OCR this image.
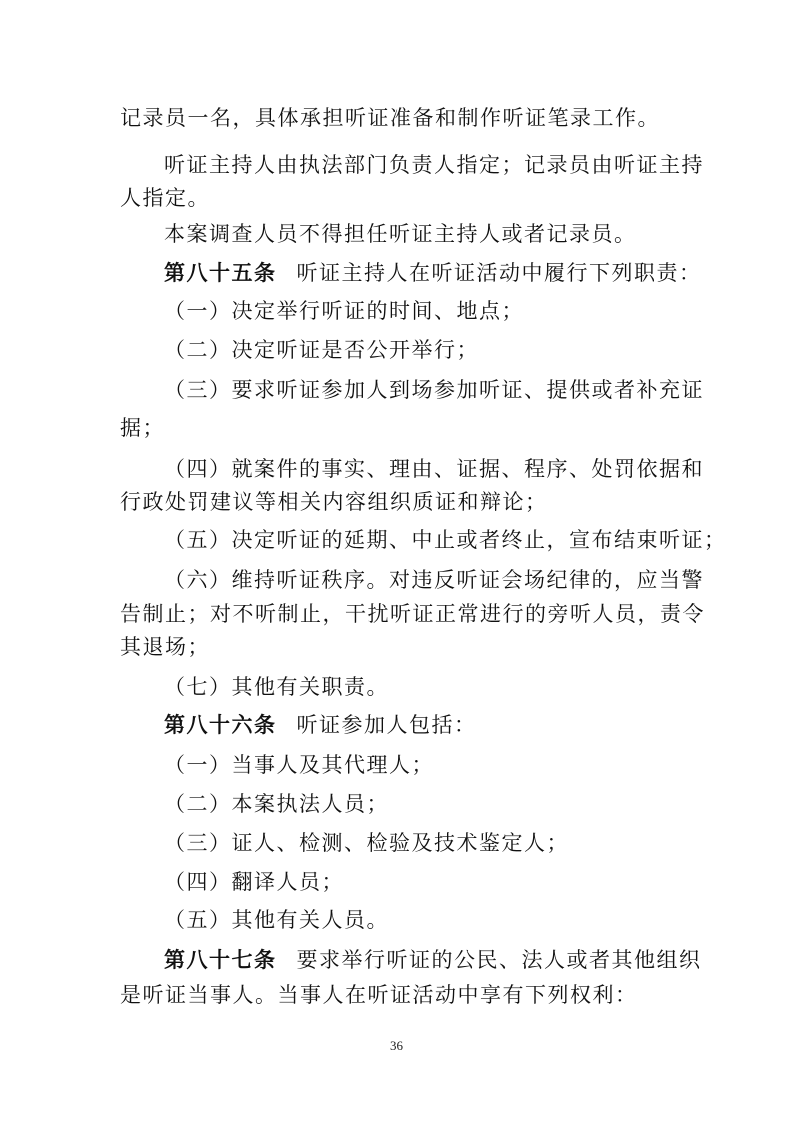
记录员一名，具体承担听证准备和制作听证笔录工作。
听证主持人由执法部门负责人指定；记录员由听证主持
人指定。
本案调查人员不得担任听证主持人或者记录员。
第八十五条 听证主持人在听证活动中履行下列职责：
（一）决定举行听证的时间、地点；
（二）决定听证是否公开举行；
（三）要求听证参加人到场参加听证、提供或者补充证
据；
（四）就案件的事实、理由、证据、程序、处罚依据和
行政处罚建议等相关内容组织质证和辩论；
（五）决定听证的延期、中止或者终止，宣布结束听证；
（六）维持听证秩序。对违反听证会场纪律的，应当警
告制止；对不听制止，干扰听证正常进行的旁听人员，责令
其退场；
（七）其他有关职责。
第八十六条 听证参加人包括：
（一）当事人及其代理人；
（二）本案执法人员；
（三）证人、检测、检验及技术鉴定人；
（四）翻译人员；
（五）其他有关人员。
第八十七条 要求举行听证的公民、法人或者其他组织
是听证当事人。当事人在听证活动中享有下列权利：
36
